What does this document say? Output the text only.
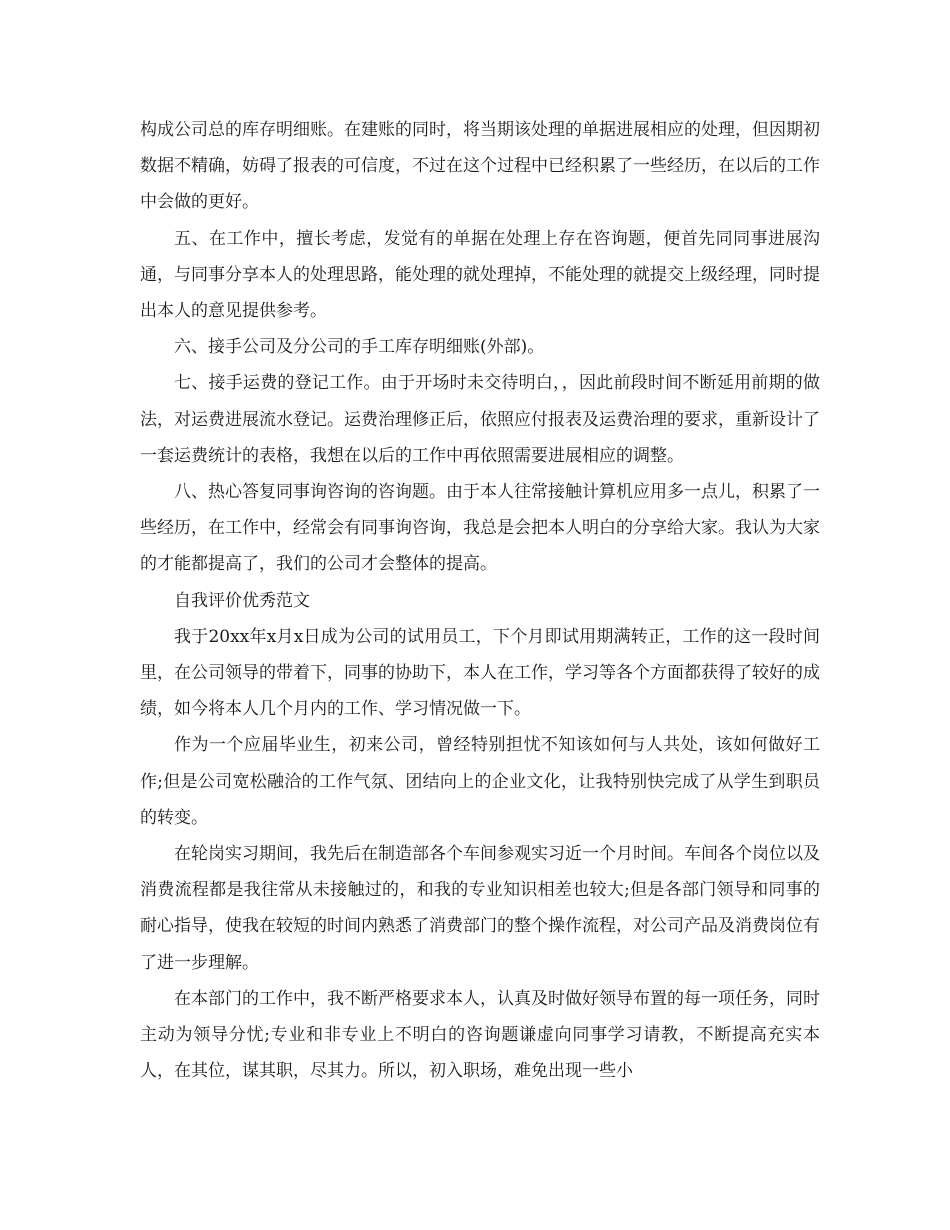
构成公司总的库存明细账。在建账的同时，将当期该处理的单据进展相应的处理，但因期初数据不精确，妨碍了报表的可信度，不过在这个过程中已经积累了一些经历，在以后的工作中会做的更好。

五、在工作中，擅长考虑，发觉有的单据在处理上存在咨询题，便首先同同事进展沟通，与同事分享本人的处理思路，能处理的就处理掉，不能处理的就提交上级经理，同时提出本人的意见提供参考。

六、接手公司及分公司的手工库存明细账(外部)。

七、接手运费的登记工作。由于开场时未交待明白，，因此前段时间不断延用前期的做法，对运费进展流水登记。运费治理修正后，依照应付报表及运费治理的要求，重新设计了一套运费统计的表格，我想在以后的工作中再依照需要进展相应的调整。

八、热心答复同事询咨询的咨询题。由于本人往常接触计算机应用多一点儿，积累了一些经历，在工作中，经常会有同事询咨询，我总是会把本人明白的分享给大家。我认为大家的才能都提高了，我们的公司才会整体的提高。

自我评价优秀范文

我于20xx年x月x日成为公司的试用员工，下个月即试用期满转正，工作的这一段时间里，在公司领导的带着下，同事的协助下，本人在工作，学习等各个方面都获得了较好的成绩，如今将本人几个月内的工作、学习情况做一下。

作为一个应届毕业生，初来公司，曾经特别担忧不知该如何与人共处，该如何做好工作;但是公司宽松融洽的工作气氛、团结向上的企业文化，让我特别快完成了从学生到职员的转变。

在轮岗实习期间，我先后在制造部各个车间参观实习近一个月时间。车间各个岗位以及消费流程都是我往常从未接触过的，和我的专业知识相差也较大;但是各部门领导和同事的耐心指导，使我在较短的时间内熟悉了消费部门的整个操作流程，对公司产品及消费岗位有了进一步理解。

在本部门的工作中，我不断严格要求本人，认真及时做好领导布置的每一项任务，同时主动为领导分忧;专业和非专业上不明白的咨询题谦虚向同事学习请教，不断提高充实本人，在其位，谋其职，尽其力。所以，初入职场，难免出现一些小
